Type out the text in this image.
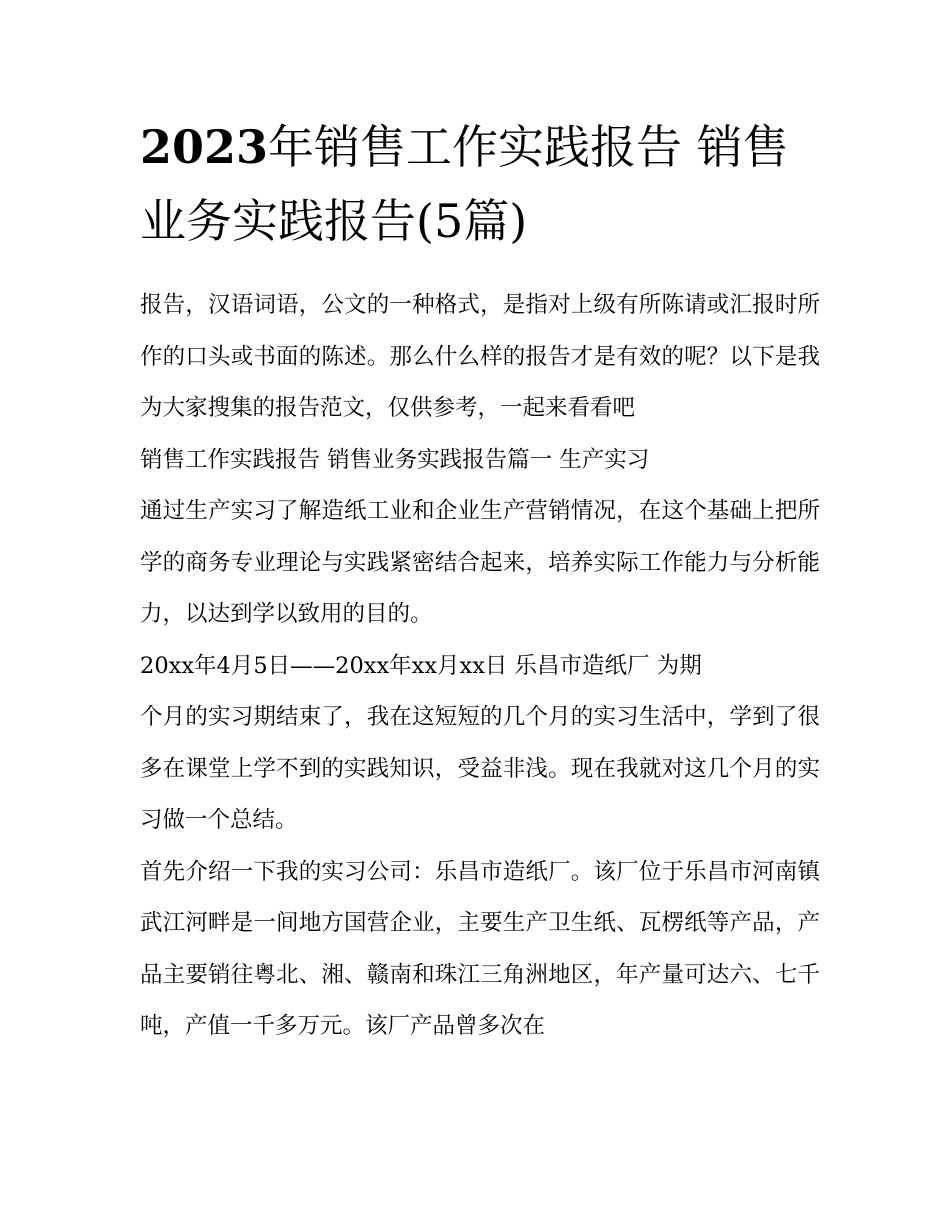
2023年销售工作实践报告 销售业务实践报告(5篇)

报告，汉语词语，公文的一种格式，是指对上级有所陈请或汇报时所作的口头或书面的陈述。那么什么样的报告才是有效的呢？以下是我为大家搜集的报告范文，仅供参考，一起来看看吧

销售工作实践报告 销售业务实践报告篇一 生产实习

通过生产实习了解造纸工业和企业生产营销情况，在这个基础上把所学的商务专业理论与实践紧密结合起来，培养实际工作能力与分析能力，以达到学以致用的目的。

20xx年4月5日——20xx年xx月xx日 乐昌市造纸厂 为期

个月的实习期结束了，我在这短短的几个月的实习生活中，学到了很多在课堂上学不到的实践知识，受益非浅。现在我就对这几个月的实习做一个总结。

首先介绍一下我的实习公司：乐昌市造纸厂。该厂位于乐昌市河南镇武江河畔是一间地方国营企业，主要生产卫生纸、瓦楞纸等产品，产品主要销往粤北、湘、赣南和珠江三角洲地区，年产量可达六、七千吨，产值一千多万元。该厂产品曾多次在
